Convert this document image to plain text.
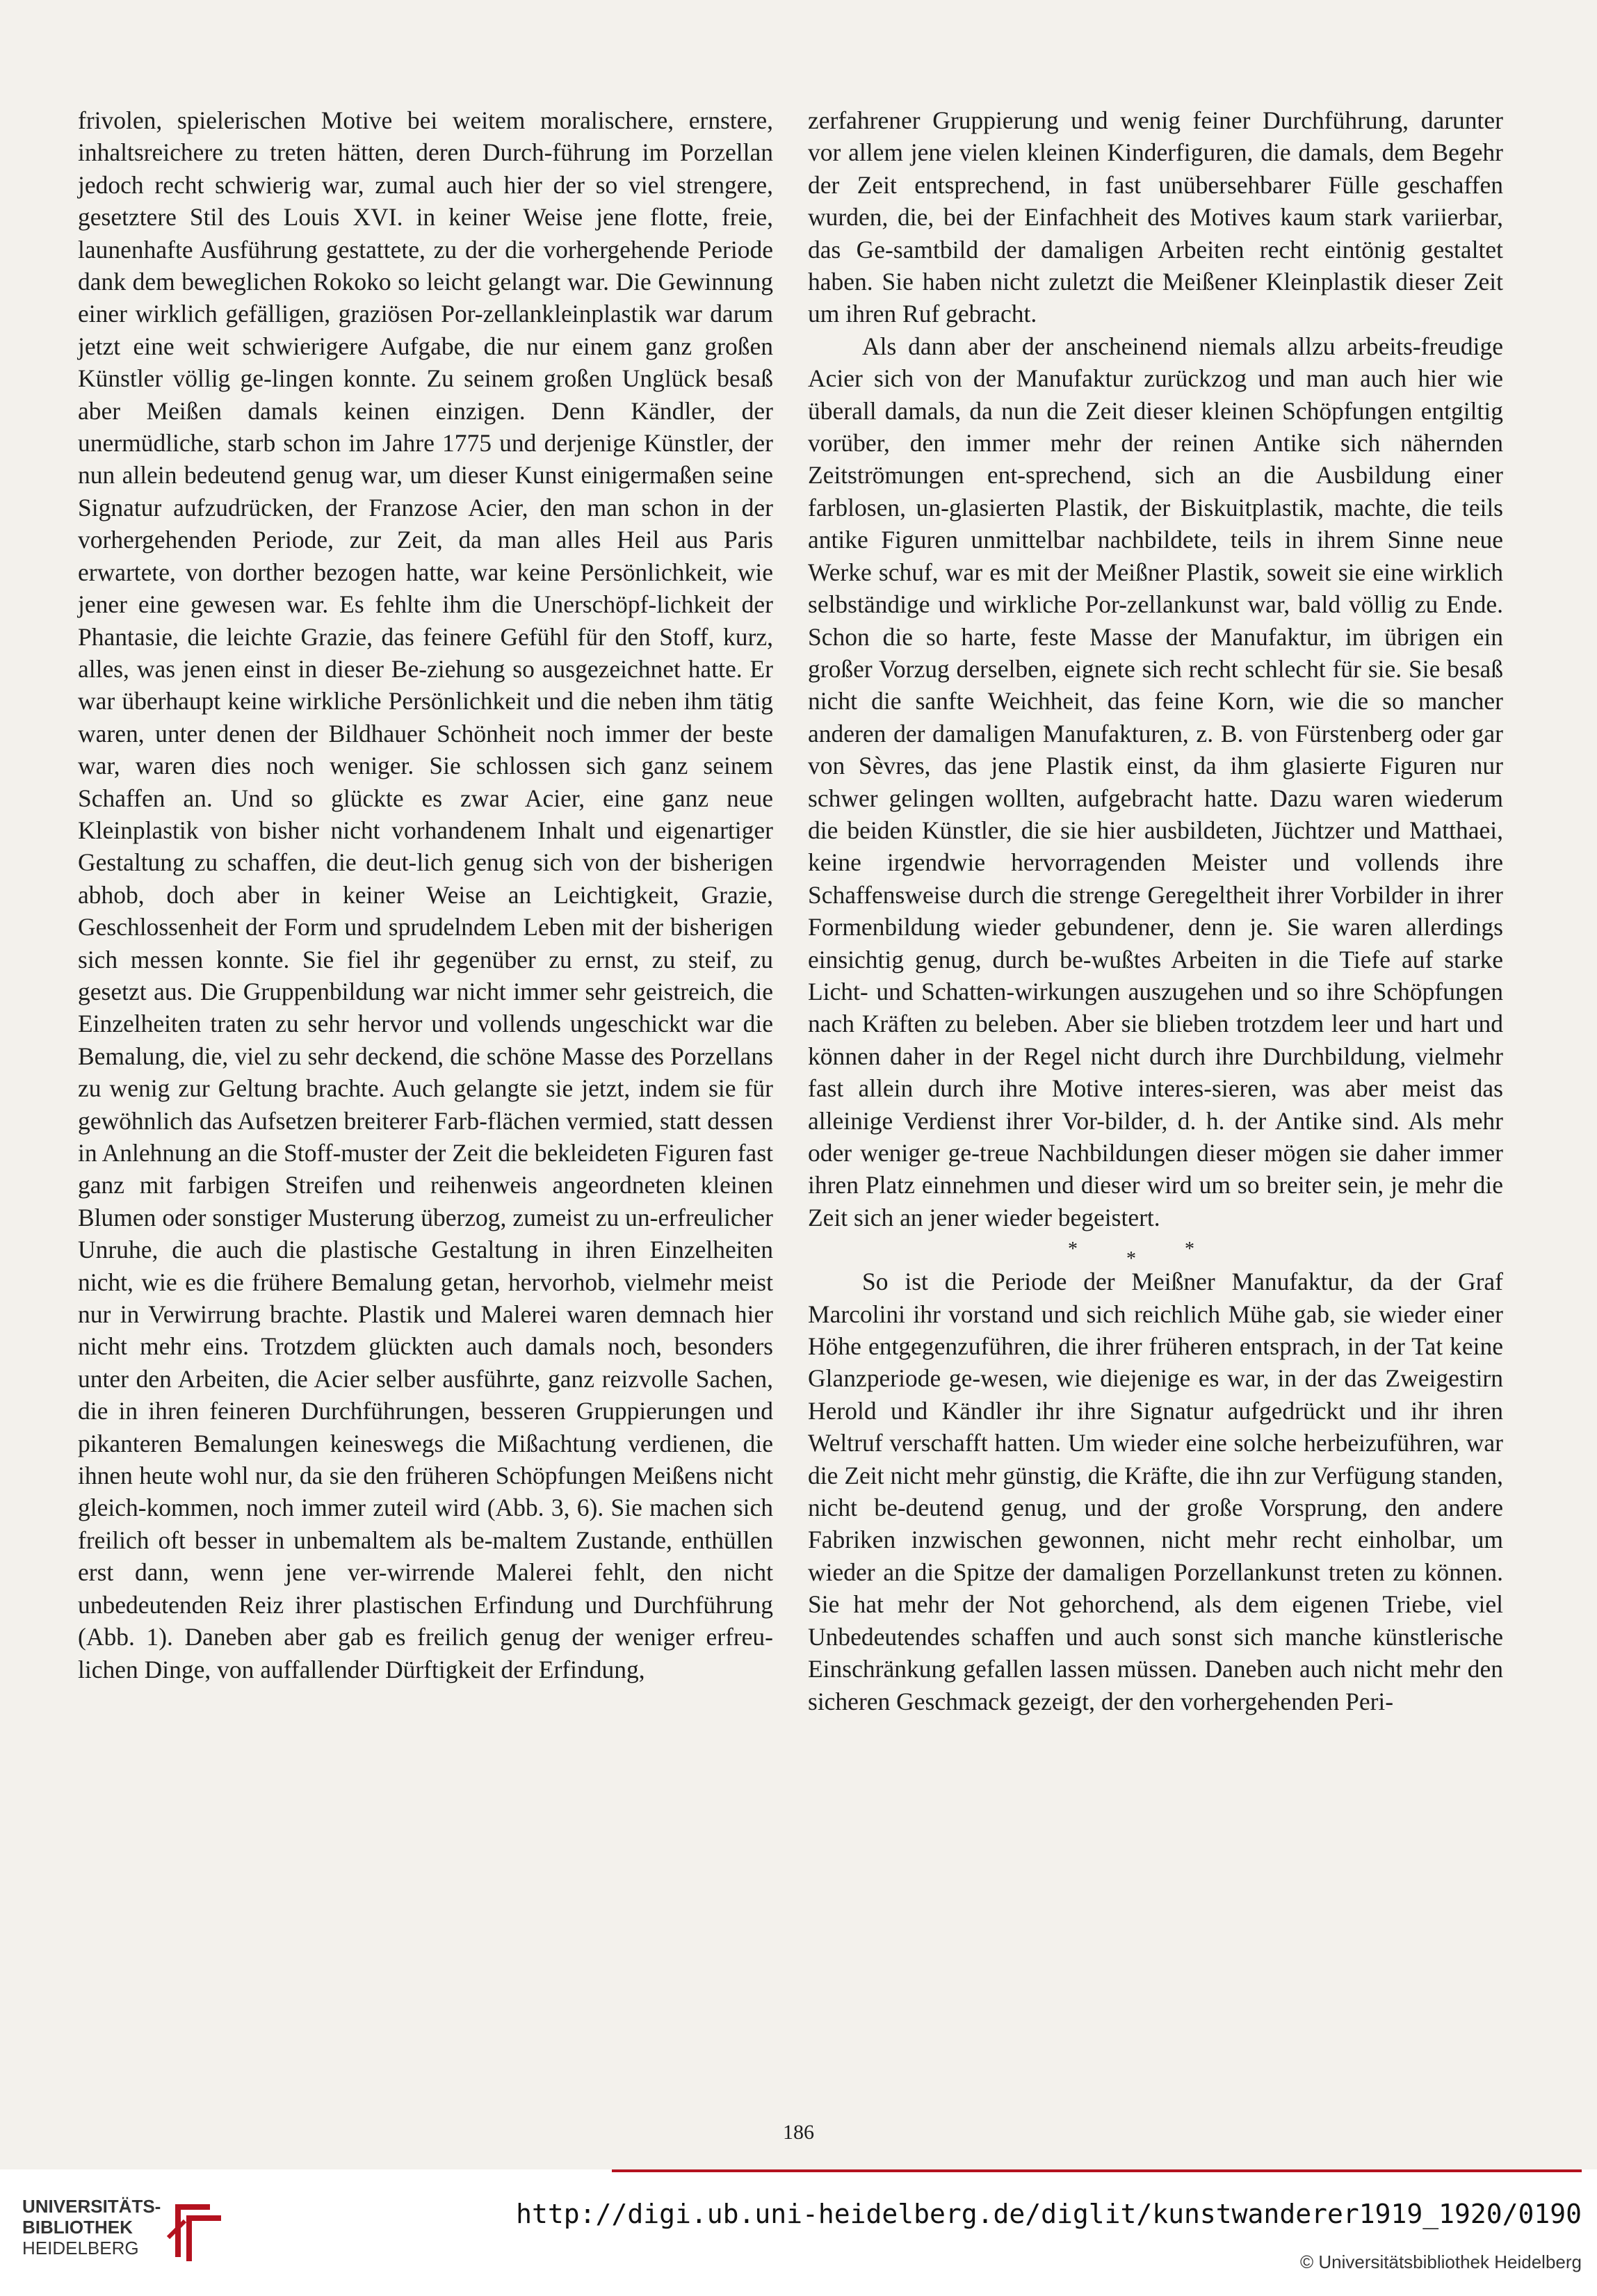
frivolen, spielerischen Motive bei weitem moralischere, ernstere, inhaltsreichere zu treten hätten, deren Durch-führung im Porzellan jedoch recht schwierig war, zumal auch hier der so viel strengere, gesetztere Stil des Louis XVI. in keiner Weise jene flotte, freie, launenhafte Ausführung gestattete, zu der die vorhergehende Periode dank dem beweglichen Rokoko so leicht gelangt war. Die Gewinnung einer wirklich gefälligen, graziösen Por-zellankleinplastik war darum jetzt eine weit schwierigere Aufgabe, die nur einem ganz großen Künstler völlig ge-lingen konnte. Zu seinem großen Unglück besaß aber Meißen damals keinen einzigen. Denn Kändler, der unermüdliche, starb schon im Jahre 1775 und derjenige Künstler, der nun allein bedeutend genug war, um dieser Kunst einigermaßen seine Signatur aufzudrücken, der Franzose Acier, den man schon in der vorhergehenden Periode, zur Zeit, da man alles Heil aus Paris erwartete, von dorther bezogen hatte, war keine Persönlichkeit, wie jener eine gewesen war. Es fehlte ihm die Unerschöpf-lichkeit der Phantasie, die leichte Grazie, das feinere Gefühl für den Stoff, kurz, alles, was jenen einst in dieser Be-ziehung so ausgezeichnet hatte. Er war überhaupt keine wirkliche Persönlichkeit und die neben ihm tätig waren, unter denen der Bildhauer Schönheit noch immer der beste war, waren dies noch weniger. Sie schlossen sich ganz seinem Schaffen an. Und so glückte es zwar Acier, eine ganz neue Kleinplastik von bisher nicht vorhandenem Inhalt und eigenartiger Gestaltung zu schaffen, die deut-lich genug sich von der bisherigen abhob, doch aber in keiner Weise an Leichtigkeit, Grazie, Geschlossenheit der Form und sprudelndem Leben mit der bisherigen sich messen konnte. Sie fiel ihr gegenüber zu ernst, zu steif, zu gesetzt aus. Die Gruppenbildung war nicht immer sehr geistreich, die Einzelheiten traten zu sehr hervor und vollends ungeschickt war die Bemalung, die, viel zu sehr deckend, die schöne Masse des Porzellans zu wenig zur Geltung brachte. Auch gelangte sie jetzt, indem sie für gewöhnlich das Aufsetzen breiterer Farb-flächen vermied, statt dessen in Anlehnung an die Stoff-muster der Zeit die bekleideten Figuren fast ganz mit farbigen Streifen und reihenweis angeordneten kleinen Blumen oder sonstiger Musterung überzog, zumeist zu un-erfreulicher Unruhe, die auch die plastische Gestaltung in ihren Einzelheiten nicht, wie es die frühere Bemalung getan, hervorhob, vielmehr meist nur in Verwirrung brachte. Plastik und Malerei waren demnach hier nicht mehr eins. Trotzdem glückten auch damals noch, besonders unter den Arbeiten, die Acier selber ausführte, ganz reizvolle Sachen, die in ihren feineren Durchführungen, besseren Gruppierungen und pikanteren Bemalungen keineswegs die Mißachtung verdienen, die ihnen heute wohl nur, da sie den früheren Schöpfungen Meißens nicht gleich-kommen, noch immer zuteil wird (Abb. 3, 6). Sie machen sich freilich oft besser in unbemaltem als be-maltem Zustande, enthüllen erst dann, wenn jene ver-wirrende Malerei fehlt, den nicht unbedeutenden Reiz ihrer plastischen Erfindung und Durchführung (Abb. 1). Daneben aber gab es freilich genug der weniger erfreu-lichen Dinge, von auffallender Dürftigkeit der Erfindung,

zerfahrener Gruppierung und wenig feiner Durchführung, darunter vor allem jene vielen kleinen Kinderfiguren, die damals, dem Begehr der Zeit entsprechend, in fast unübersehbarer Fülle geschaffen wurden, die, bei der Einfachheit des Motives kaum stark variierbar, das Ge-samtbild der damaligen Arbeiten recht eintönig gestaltet haben. Sie haben nicht zuletzt die Meißener Kleinplastik dieser Zeit um ihren Ruf gebracht.

Als dann aber der anscheinend niemals allzu arbeits-freudige Acier sich von der Manufaktur zurückzog und man auch hier wie überall damals, da nun die Zeit dieser kleinen Schöpfungen entgiltig vorüber, den immer mehr der reinen Antike sich nähernden Zeitströmungen ent-sprechend, sich an die Ausbildung einer farblosen, un-glasierten Plastik, der Biskuitplastik, machte, die teils antike Figuren unmittelbar nachbildete, teils in ihrem Sinne neue Werke schuf, war es mit der Meißner Plastik, soweit sie eine wirklich selbständige und wirkliche Por-zellankunst war, bald völlig zu Ende. Schon die so harte, feste Masse der Manufaktur, im übrigen ein großer Vorzug derselben, eignete sich recht schlecht für sie. Sie besaß nicht die sanfte Weichheit, das feine Korn, wie die so mancher anderen der damaligen Manufakturen, z. B. von Fürstenberg oder gar von Sèvres, das jene Plastik einst, da ihm glasierte Figuren nur schwer gelingen wollten, aufgebracht hatte. Dazu waren wiederum die beiden Künstler, die sie hier ausbildeten, Jüchtzer und Matthaei, keine irgendwie hervorragenden Meister und vollends ihre Schaffensweise durch die strenge Geregeltheit ihrer Vorbilder in ihrer Formenbildung wieder gebundener, denn je. Sie waren allerdings einsichtig genug, durch be-wußtes Arbeiten in die Tiefe auf starke Licht- und Schatten-wirkungen auszugehen und so ihre Schöpfungen nach Kräften zu beleben. Aber sie blieben trotzdem leer und hart und können daher in der Regel nicht durch ihre Durchbildung, vielmehr fast allein durch ihre Motive interes-sieren, was aber meist das alleinige Verdienst ihrer Vor-bilder, d. h. der Antike sind. Als mehr oder weniger ge-treue Nachbildungen dieser mögen sie daher immer ihren Platz einnehmen und dieser wird um so breiter sein, je mehr die Zeit sich an jener wieder begeistert.

***

So ist die Periode der Meißner Manufaktur, da der Graf Marcolini ihr vorstand und sich reichlich Mühe gab, sie wieder einer Höhe entgegenzuführen, die ihrer früheren entsprach, in der Tat keine Glanzperiode ge-wesen, wie diejenige es war, in der das Zweigestirn Herold und Kändler ihr ihre Signatur aufgedrückt und ihr ihren Weltruf verschafft hatten. Um wieder eine solche herbeizuführen, war die Zeit nicht mehr günstig, die Kräfte, die ihn zur Verfügung standen, nicht be-deutend genug, und der große Vorsprung, den andere Fabriken inzwischen gewonnen, nicht mehr recht einholbar, um wieder an die Spitze der damaligen Porzellankunst treten zu können. Sie hat mehr der Not gehorchend, als dem eigenen Triebe, viel Unbedeutendes schaffen und auch sonst sich manche künstlerische Einschränkung gefallen lassen müssen. Daneben auch nicht mehr den sicheren Geschmack gezeigt, der den vorhergehenden Peri-

186
UNIVERSITÄTS-
BIBLIOTHEK
HEIDELBERG
http://digi.ub.uni-heidelberg.de/diglit/kunstwanderer1919_1920/0190
© Universitätsbibliothek Heidelberg
